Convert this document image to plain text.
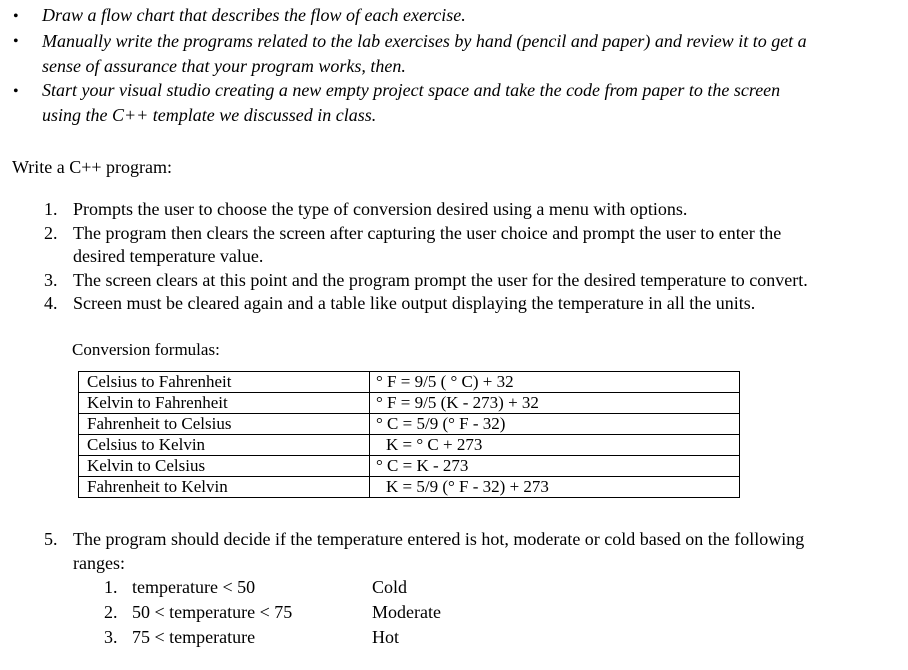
• Draw a flow chart that describes the flow of each exercise.
• Manually write the programs related to the lab exercises by hand (pencil and paper) and review it to get a
sense of assurance that your program works, then.
• Start your visual studio creating a new empty project space and take the code from paper to the screen
using the C++ template we discussed in class.
Write a C++ program:
1. Prompts the user to choose the type of conversion desired using a menu with options.
2. The program then clears the screen after capturing the user choice and prompt the user to enter the
desired temperature value.
3. The screen clears at this point and the program prompt the user for the desired temperature to convert.
4. Screen must be cleared again and a table like output displaying the temperature in all the units.
Conversion formulas:
Celsius to Fahrenheit	° F = 9/5 ( ° C) + 32
Kelvin to Fahrenheit	° F = 9/5 (K - 273) + 32
Fahrenheit to Celsius	° C = 5/9 (° F - 32)
Celsius to Kelvin	K = ° C + 273
Kelvin to Celsius	° C = K - 273
Fahrenheit to Kelvin	K = 5/9 (° F - 32) + 273
5. The program should decide if the temperature entered is hot, moderate or cold based on the following
ranges:
1. temperature < 50	Cold
2. 50 < temperature < 75	Moderate
3. 75 < temperature	Hot
